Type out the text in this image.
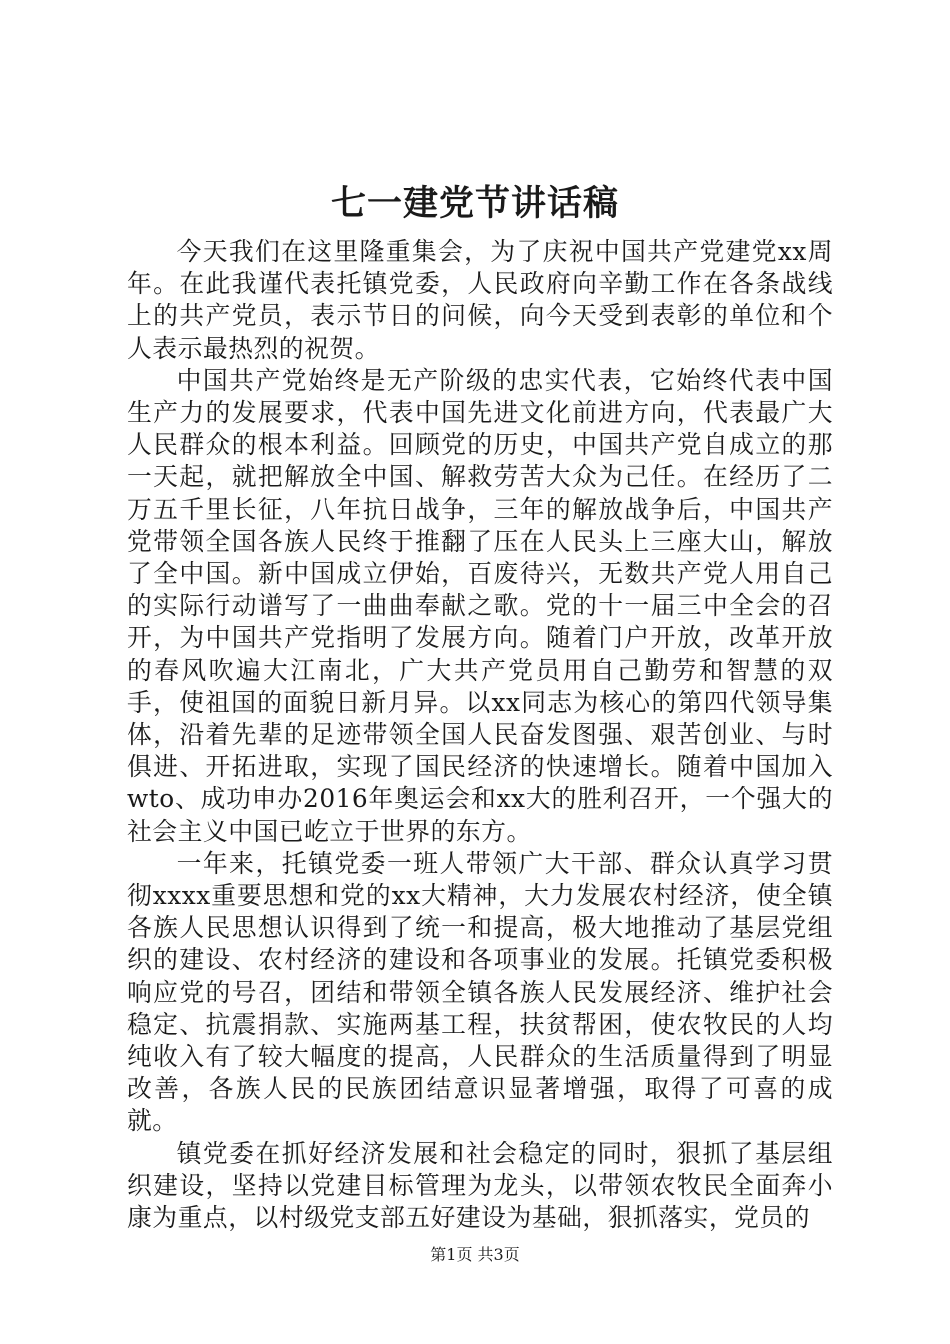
七一建党节讲话稿

今天我们在这里隆重集会，为了庆祝中国共产党建党xx周年。在此我谨代表托镇党委，人民政府向辛勤工作在各条战线上的共产党员，表示节日的问候，向今天受到表彰的单位和个人表示最热烈的祝贺。

中国共产党始终是无产阶级的忠实代表，它始终代表中国生产力的发展要求，代表中国先进文化前进方向，代表最广大人民群众的根本利益。回顾党的历史，中国共产党自成立的那一天起，就把解放全中国、解救劳苦大众为己任。在经历了二万五千里长征，八年抗日战争，三年的解放战争后，中国共产党带领全国各族人民终于推翻了压在人民头上三座大山，解放了全中国。新中国成立伊始，百废待兴，无数共产党人用自己的实际行动谱写了一曲曲奉献之歌。党的十一届三中全会的召开，为中国共产党指明了发展方向。随着门户开放，改革开放的春风吹遍大江南北，广大共产党员用自己勤劳和智慧的双手，使祖国的面貌日新月异。以xx同志为核心的第四代领导集体，沿着先辈的足迹带领全国人民奋发图强、艰苦创业、与时俱进、开拓进取，实现了国民经济的快速增长。随着中国加入wto、成功申办2016年奥运会和xx大的胜利召开，一个强大的社会主义中国已屹立于世界的东方。

一年来，托镇党委一班人带领广大干部、群众认真学习贯彻xxxx重要思想和党的xx大精神，大力发展农村经济，使全镇各族人民思想认识得到了统一和提高，极大地推动了基层党组织的建设、农村经济的建设和各项事业的发展。托镇党委积极响应党的号召，团结和带领全镇各族人民发展经济、维护社会稳定、抗震捐款、实施两基工程，扶贫帮困，使农牧民的人均纯收入有了较大幅度的提高，人民群众的生活质量得到了明显改善，各族人民的民族团结意识显著增强，取得了可喜的成就。

镇党委在抓好经济发展和社会稳定的同时，狠抓了基层组织建设，坚持以党建目标管理为龙头，以带领农牧民全面奔小康为重点，以村级党支部五好建设为基础，狠抓落实，党员的

第1页 共3页
